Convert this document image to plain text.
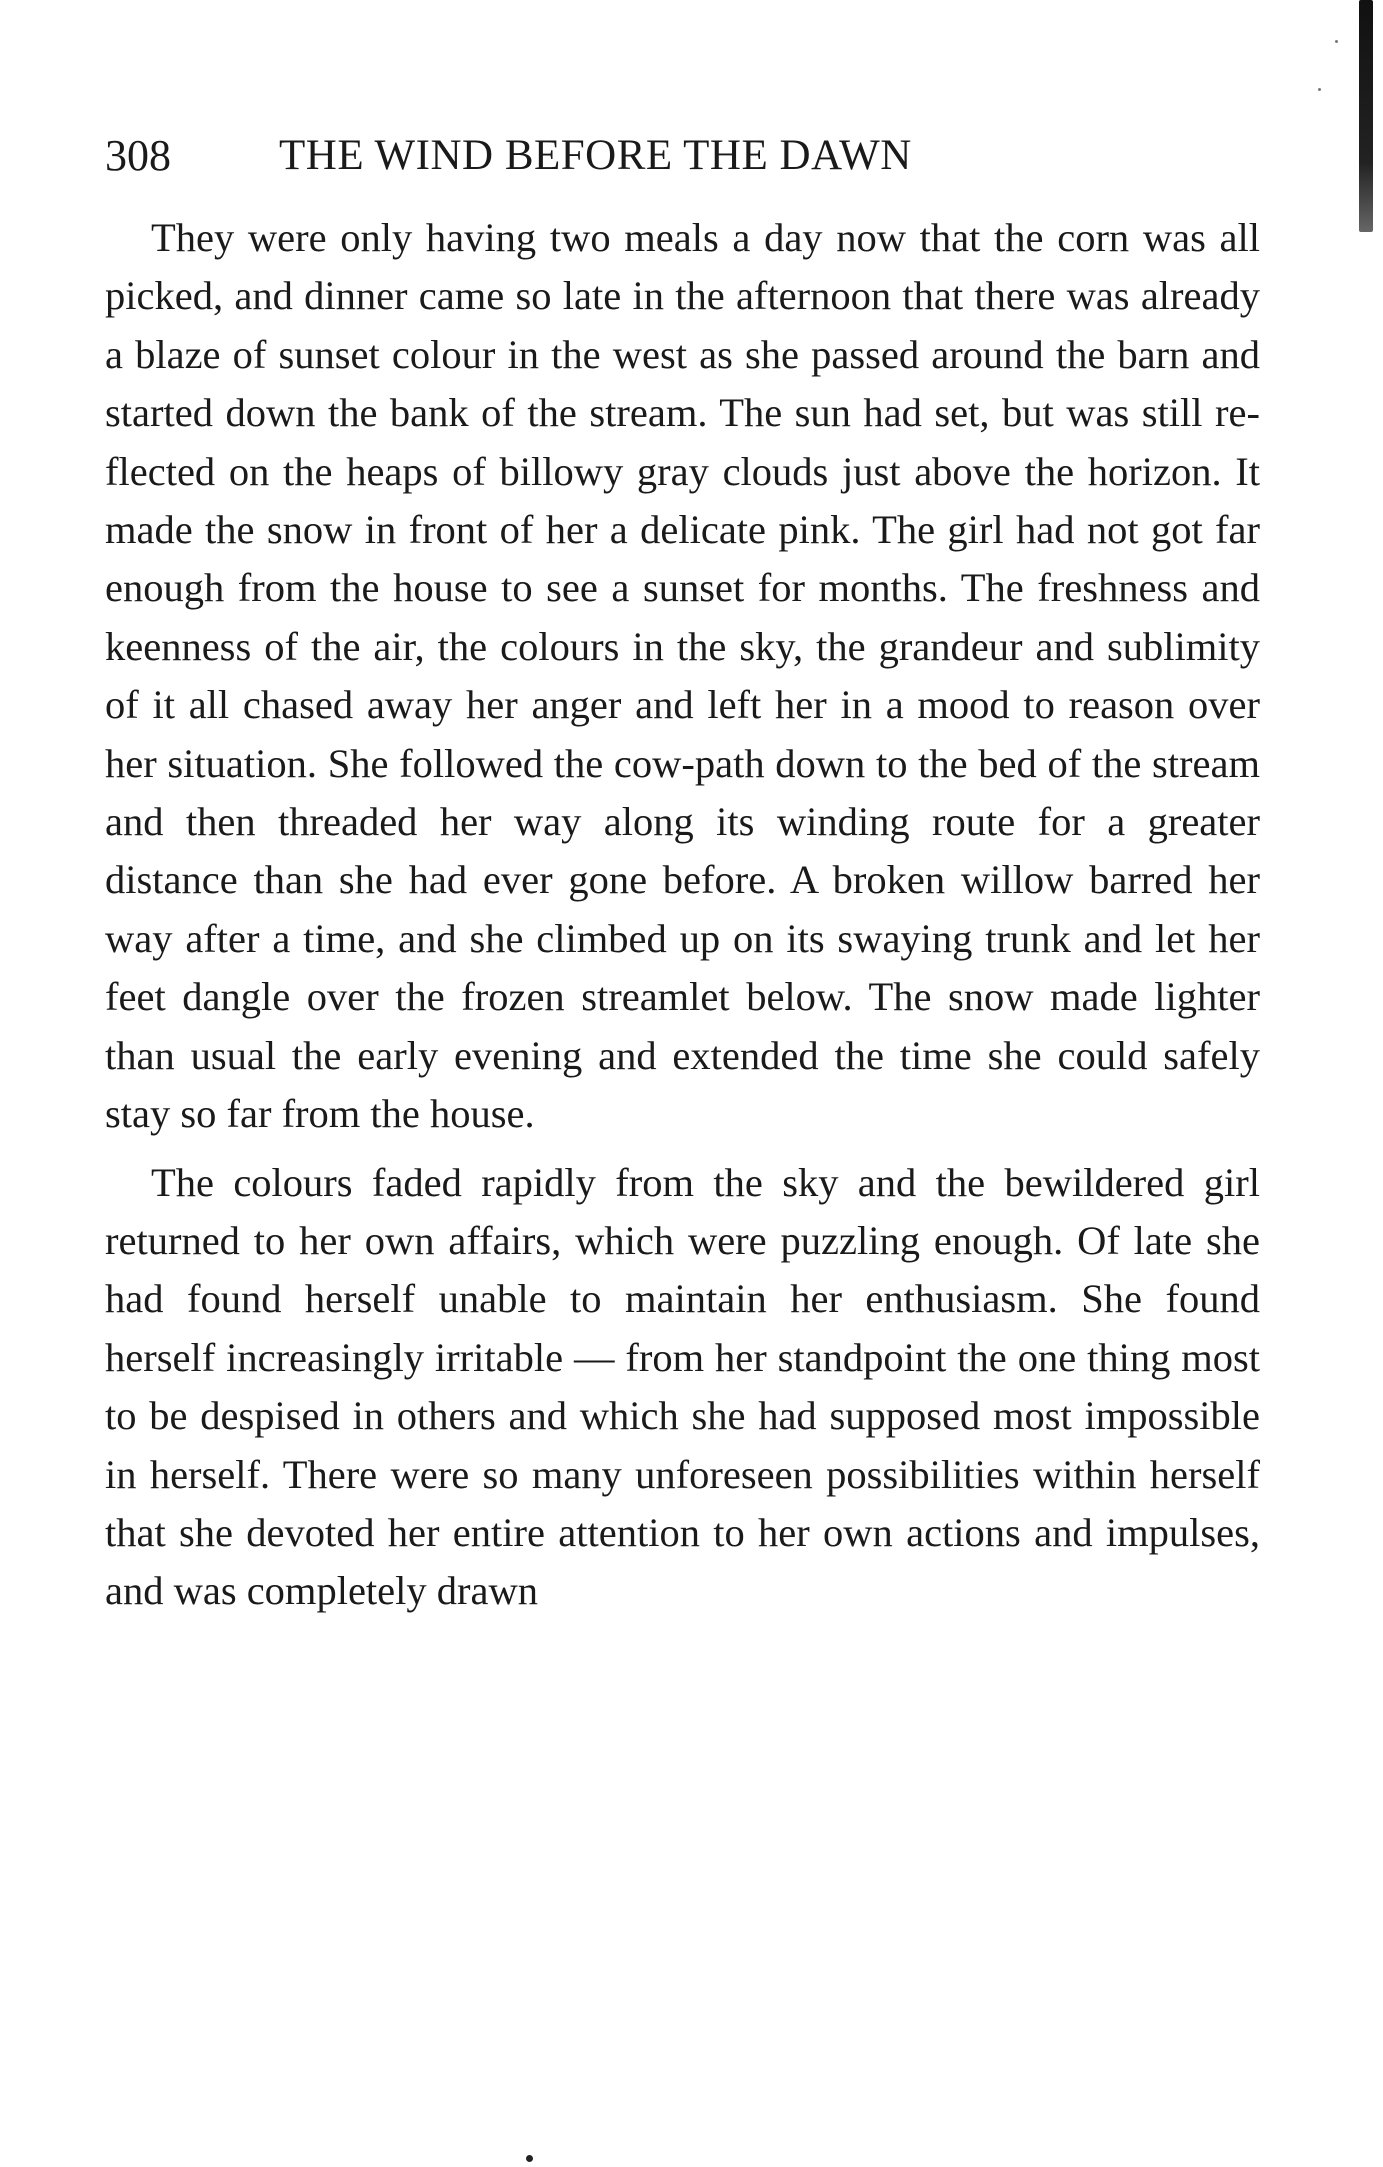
308	THE WIND BEFORE THE DAWN

They were only having two meals a day now that the corn was all picked, and dinner came so late in the afternoon that there was already a blaze of sunset colour in the west as she passed around the barn and started down the bank of the stream. The sun had set, but was still reflected on the heaps of billowy gray clouds just above the horizon. It made the snow in front of her a delicate pink. The girl had not got far enough from the house to see a sunset for months. The freshness and keenness of the air, the colours in the sky, the grandeur and sublimity of it all chased away her anger and left her in a mood to reason over her situation. She followed the cow-path down to the bed of the stream and then threaded her way along its winding route for a greater distance than she had ever gone before. A broken willow barred her way after a time, and she climbed up on its swaying trunk and let her feet dangle over the frozen streamlet below. The snow made lighter than usual the early evening and extended the time she could safely stay so far from the house.

The colours faded rapidly from the sky and the bewildered girl returned to her own affairs, which were puzzling enough. Of late she had found herself unable to maintain her enthusiasm. She found herself increasingly irritable — from her standpoint the one thing most to be despised in others and which she had supposed most impossible in herself. There were so many unforeseen possibilities within herself that she devoted her entire attention to her own actions and impulses, and was completely drawn
